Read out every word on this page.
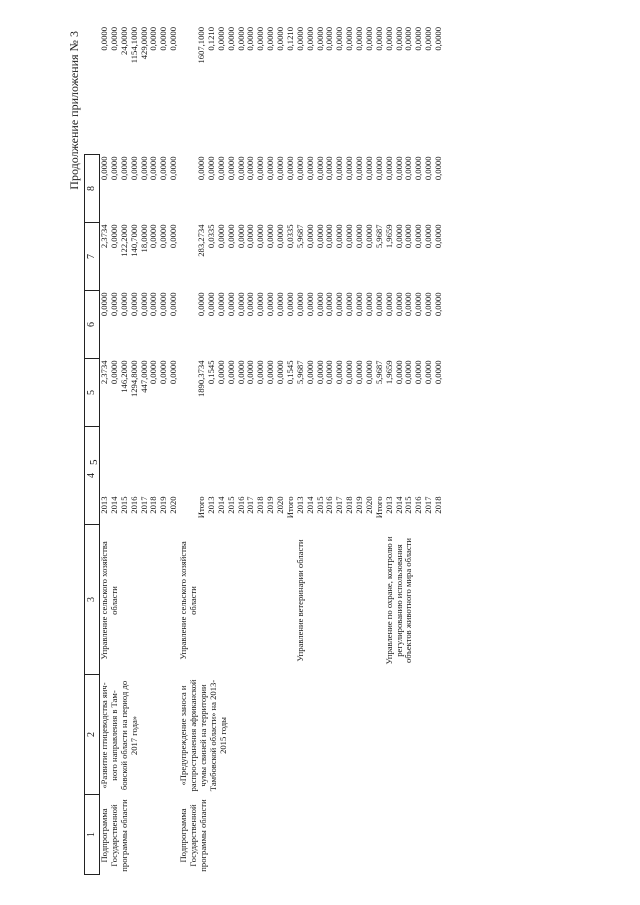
Продолжение приложения № 3
5
1	2	3	4		5	6	7	8	

Подпрограмма Государственной программы области	«Развитие птицеводства яич-ного направления в Там-бовской области на период до 2017 года»	Управление сельского хозяйства области	2013		2,3734	0,0000	2,3734	0,0000	0,0000
			2014		0,0000	0,0000	0,0000	0,0000	0,0000
			2015		146,2000	0,0000	122,2000	0,0000	24,0000
			2016		1294,8000	0,0000	140,7000	0,0000	1154,1000
			2017		447,0000	0,0000	18,0000	0,0000	429,0000
			2018		0,0000	0,0000	0,0000	0,0000	0,0000

			2019		0,0000	0,0000	0,0000	0,0000	0,0000

			2020		0,0000	0,0000	0,0000	0,0000	0,0000

Подпрограмма Государственной программы области	«Предупреждение заноса и распространения африканской чумы свиней на территории Тамбовской области» на 2013-2015 годы	Управление сельского хозяйства области	Итого		1890,3734	0,0000	283,2734	0,0000	1607,1000
			2013		0,1545	0,0000	0,0335	0,0000	0,1210
			2014		0,0000	0,0000	0,0000	0,0000	0,0000
			2015		0,0000	0,0000	0,0000	0,0000	0,0000
			2016		0,0000	0,0000	0,0000	0,0000	0,0000
			2017		0,0000	0,0000	0,0000	0,0000	0,0000
			2018		0,0000	0,0000	0,0000	0,0000	0,0000
			2019		0,0000	0,0000	0,0000	0,0000	0,0000
			2020		0,0000	0,0000	0,0000	0,0000	0,0000
			Итого		0,1545	0,0000	0,0335	0,0000	0,1210

		Управление ветеринарии области	2013		5,9687	0,0000	5,9687	0,0000	0,0000
			2014		0,0000	0,0000	0,0000	0,0000	0,0000
			2015		0,0000	0,0000	0,0000	0,0000	0,0000
			2016		0,0000	0,0000	0,0000	0,0000	0,0000
			2017		0,0000	0,0000	0,0000	0,0000	0,0000
			2018		0,0000	0,0000	0,0000	0,0000	0,0000
			2019		0,0000	0,0000	0,0000	0,0000	0,0000
			2020		0,0000	0,0000	0,0000	0,0000	0,0000
			Итого		5,9687	0,0000	5,9687	0,0000	0,0000

		Управление по охране, контролю и регулированию использования объектов животного мира области	2013		1,9659	0,0000	1,9659	0,0000	0,0000
			2014		0,0000	0,0000	0,0000	0,0000	0,0000
			2015		0,0000	0,0000	0,0000	0,0000	0,0000
			2016		0,0000	0,0000	0,0000	0,0000	0,0000
			2017		0,0000	0,0000	0,0000	0,0000	0,0000
			2018		0,0000	0,0000	0,0000	0,0000	0,0000
